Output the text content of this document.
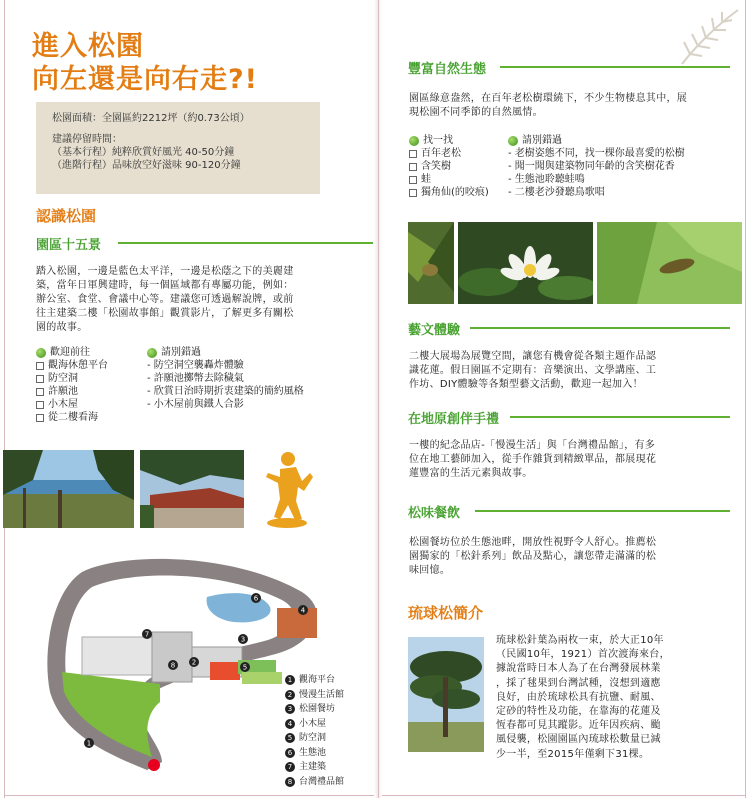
進入松園
向左還是向右走?!
松園面積：全園區約2212坪（約0.73公頃）
建議停留時間：
（基本行程）純粹欣賞好風光 40-50分鐘
（進階行程）品味放空好滋味 90-120分鐘
認識松園
園區十五景
踏入松園，一邊是藍色太平洋，一邊是松蔭之下的美麗建
築，當年日軍興建時，每一個區域都有專屬功能，例如：
辦公室、食堂、會議中心等。建議您可透過解說牌，或前
往主建築二樓「松園故事館」觀賞影片，了解更多有關松
園的故事。
歡迎前往
觀海休憩平台
防空洞
許願池
小木屋
從二樓看海
請別錯過
- 防空洞空襲轟炸體驗
- 許願池擲幣去除穢氣
- 欣賞日治時期折衷建築的簡約風格
- 小木屋前與鐵人合影
1
2
3
4
5
6
7
8
1 觀海平台
2 慢漫生活館
3 松園餐坊
4 小木屋
5 防空洞
6 生態池
7 主建築
8 台灣禮品館
豐富自然生態
園區綠意盎然，在百年老松樹環繞下，不少生物棲息其中，展
現松園不同季節的自然風情。
找一找
百年老松
含笑樹
蛙
獨角仙(的咬痕)
請別錯過
- 老樹姿態不同，找一棵你最喜愛的松樹
- 聞一聞與建築物同年齡的含笑樹花香
- 生態池聆聽蛙鳴
- 二樓老沙發聽鳥歌唱
藝文體驗
二樓大展場為展覽空間，讓您有機會從各類主題作品認
識花蓮。假日園區不定期有：音樂演出、文學講座、工
作坊、DIY體驗等各類型藝文活動，歡迎一起加入！
在地原創伴手禮
一樓的紀念品店-「慢漫生活」與「台灣禮品館」，有多
位在地工藝師加入，從手作雜貨到精緻單品，都展現花
蓮豐富的生活元素與故事。
松味餐飲
松園餐坊位於生態池畔，開放性視野令人舒心。推薦松
園獨家的「松針系列」飲品及點心，讓您帶走滿滿的松
味回憶。
琉球松簡介
琉球松針葉為兩枚一束，於大正10年
（民國10年，1921）首次渡海來台，
據說當時日本人為了在台灣發展林業
，採了毬果到台灣試種，沒想到適應
良好，由於琉球松具有抗鹽、耐風、
定砂的特性及功能，在靠海的花蓮及
恆春都可見其蹤影。近年因疾病、颱
風侵襲，松園園區內琉球松數量已減
少一半，至2015年僅剩下31棵。
